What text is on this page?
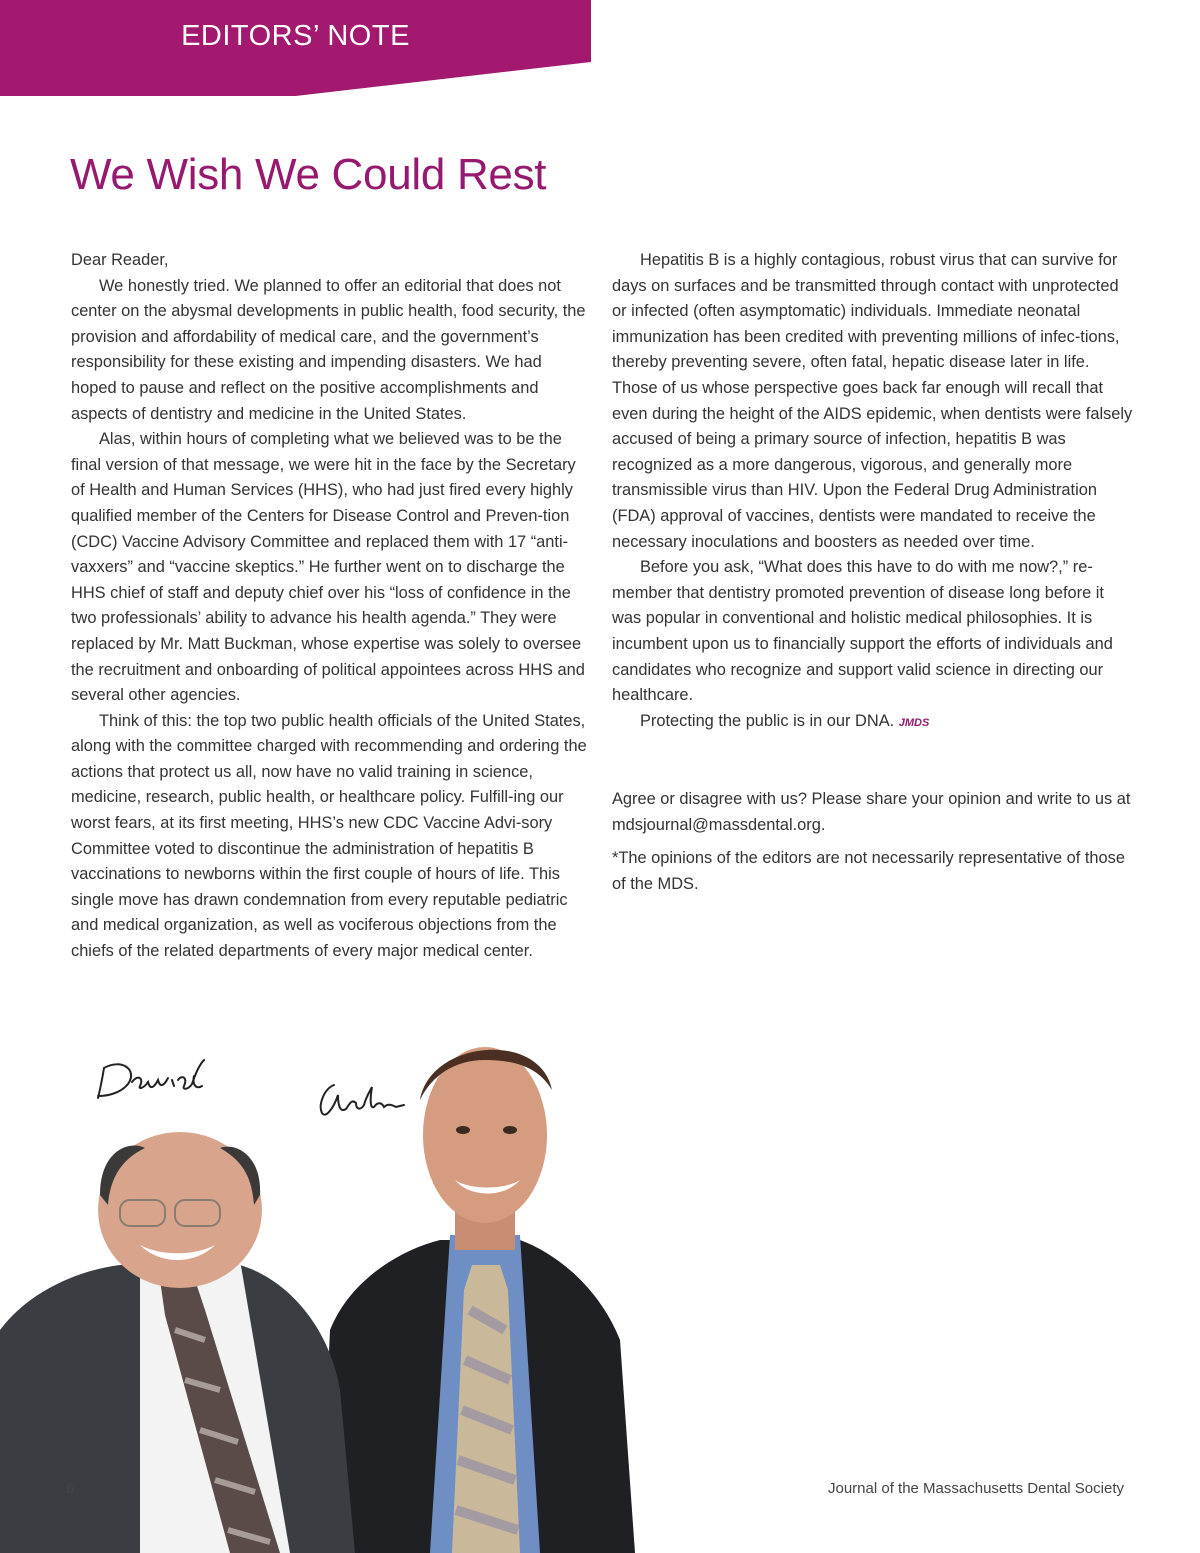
EDITORS’ NOTE
We Wish We Could Rest

Dear Reader,

We honestly tried. We planned to offer an editorial that does not center on the abysmal developments in public health, food security, the provision and affordability of medical care, and the government’s responsibility for these existing and impending disasters. We had hoped to pause and reflect on the positive accomplishments and aspects of dentistry and medicine in the United States.

Alas, within hours of completing what we believed was to be the final version of that message, we were hit in the face by the Secretary of Health and Human Services (HHS), who had just fired every highly qualified member of the Centers for Disease Control and Preven-tion (CDC) Vaccine Advisory Committee and replaced them with 17 “anti-vaxxers” and “vaccine skeptics.” He further went on to discharge the HHS chief of staff and deputy chief over his “loss of confidence in the two professionals’ ability to advance his health agenda.” They were replaced by Mr. Matt Buckman, whose expertise was solely to oversee the recruitment and onboarding of political appointees across HHS and several other agencies.

Think of this: the top two public health officials of the United States, along with the committee charged with recommending and ordering the actions that protect us all, now have no valid training in science, medicine, research, public health, or healthcare policy. Fulfill-ing our worst fears, at its first meeting, HHS’s new CDC Vaccine Advi-sory Committee voted to discontinue the administration of hepatitis B vaccinations to newborns within the first couple of hours of life. This single move has drawn condemnation from every reputable pediatric and medical organization, as well as vociferous objections from the chiefs of the related departments of every major medical center.

Hepatitis B is a highly contagious, robust virus that can survive for days on surfaces and be transmitted through contact with unprotected or infected (often asymptomatic) individuals. Immediate neonatal immunization has been credited with preventing millions of infec-tions, thereby preventing severe, often fatal, hepatic disease later in life. Those of us whose perspective goes back far enough will recall that even during the height of the AIDS epidemic, when dentists were falsely accused of being a primary source of infection, hepatitis B was recognized as a more dangerous, vigorous, and generally more transmissible virus than HIV. Upon the Federal Drug Administration (FDA) approval of vaccines, dentists were mandated to receive the necessary inoculations and boosters as needed over time.

Before you ask, “What does this have to do with me now?,” re-member that dentistry promoted prevention of disease long before it was popular in conventional and holistic medical philosophies. It is incumbent upon us to financially support the efforts of individuals and candidates who recognize and support valid science in directing our healthcare.

Protecting the public is in our DNA. JMDS

Agree or disagree with us? Please share your opinion and write to us at mdsjournal@massdental.org.

*The opinions of the editors are not necessarily representative of those of the MDS.

6	Journal of the Massachusetts Dental Society
